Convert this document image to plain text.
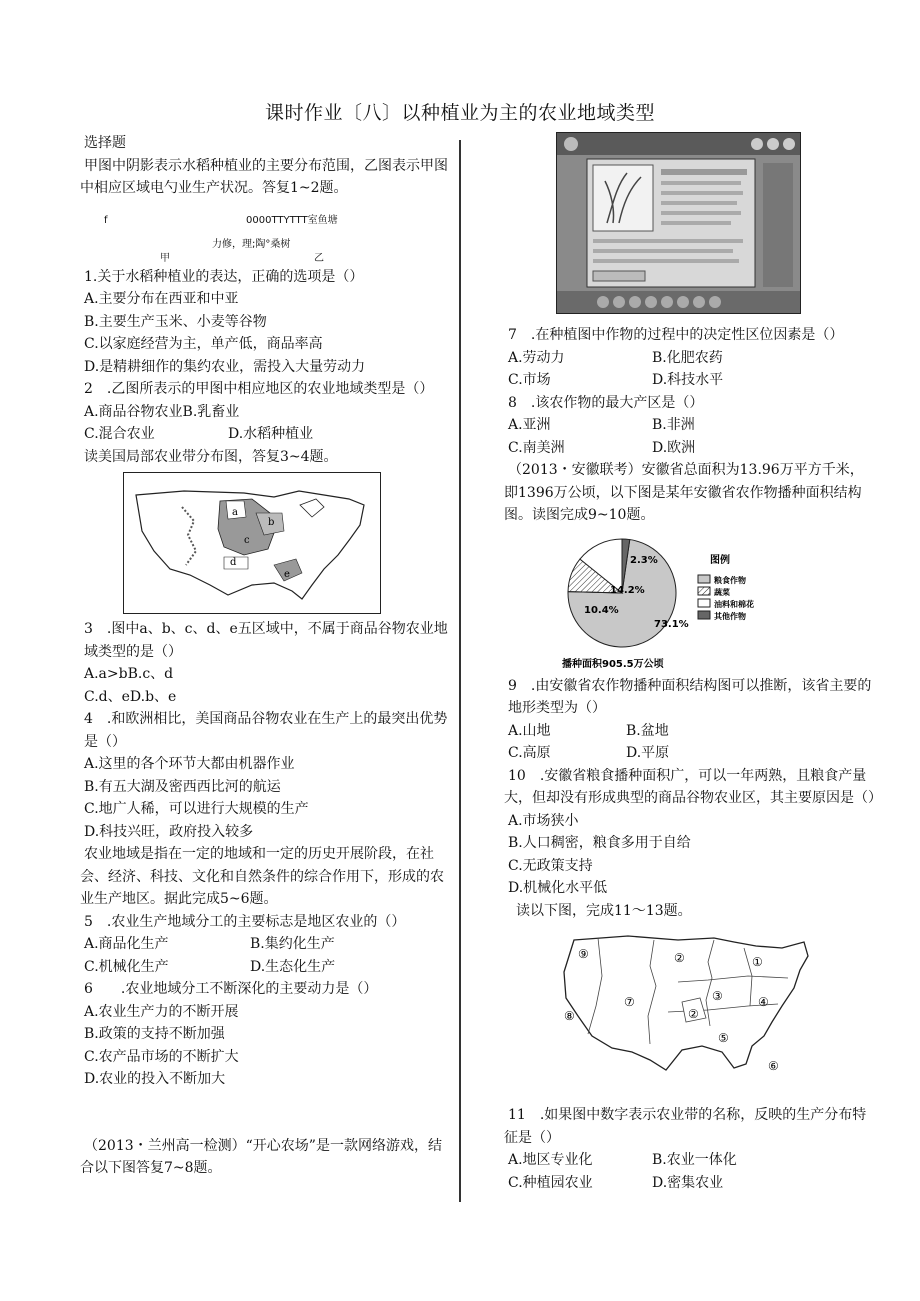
课时作业〔八〕以种植业为主的农业地域类型

选择题

甲图中阴影表示水稻种植业的主要分布范围，乙图表示甲图中相应区域电勺业生产状况。答复1~2题。

f	0000TTYTTT室鱼塘
力修，理;陶°桑树
甲	乙

1.关于水稻种植业的表达，正确的选项是（）

A.主要分布在西亚和中亚

B.主要生产玉米、小麦等谷物

C.以家庭经营为主，单产低，商品率高

D.是精耕细作的集约农业，需投入大量劳动力

2　.乙图所表示的甲图中相应地区的农业地域类型是（）

A.商品谷物农业B.乳畜业

C.混合农业	D.水稻种植业

读美国局部农业带分布图，答复3~4题。

a
b
c
d
e

3　.图中a、b、c、d、e五区域中，不属于商品谷物农业地域类型的是（）

A.a>bB.c、d

C.d、eD.b、e

4　.和欧洲相比，美国商品谷物农业在生产上的最突出优势是（）

A.这里的各个环节大都由机器作业

B.有五大湖及密西西比河的航运

C.地广人稀，可以进行大规模的生产

D.科技兴旺，政府投入较多

农业地域是指在一定的地域和一定的历史开展阶段，在社会、经济、科技、文化和自然条件的综合作用下，形成的农业生产地区。据此完成5~6题。

5　.农业生产地域分工的主要标志是地区农业的（）

A.商品化生产	B.集约化生产
C.机械化生产	D.生态化生产

6　　.农业地域分工不断深化的主要动力是（）

A.农业生产力的不断开展

B.政策的支持不断加强

C.农产品市场的不断扩大

D.农业的投入不断加大

（2013・兰州高一检测）“开心农场”是一款网络游戏，结合以下图答复7~8题。

7　.在种植图中作物的过程中的决定性区位因素是（）

A.劳动力	B.化肥农药
C.市场	D.科技水平

8　.该农作物的最大产区是（）

A.亚洲	B.非洲
C.南美洲	D.欧洲

（2013・安徽联考）安徽省总面积为13.96万平方千米，即1396万公顷，以下图是某年安徽省农作物播种面积结构图。读图完成9~10题。

73.1%
10.4%
14.2%
2.3%	图例
粮食作物
蔬菜
油料和棉花
其他作物
播种面积905.5万公顷

9　.由安徽省农作物播种面积结构图可以推断，该省主要的地形类型为（）

A.山地	B.盆地
C.高原	D.平原

10　.安徽省粮食播种面积广，可以一年两熟，且粮食产量大，但却没有形成典型的商品谷物农业区，其主要原因是（）

A.市场狭小

B.人口稠密，粮食多用于自给

C.无政策支持

D.机械化水平低

读以下图，完成11～13题。

⑨	②	①
③	④
②
⑦
⑤
⑥
⑧

11　.如果图中数字表示农业带的名称，反映的生产分布特征是（）

A.地区专业化	B.农业一体化
C.种植园农业	D.密集农业
